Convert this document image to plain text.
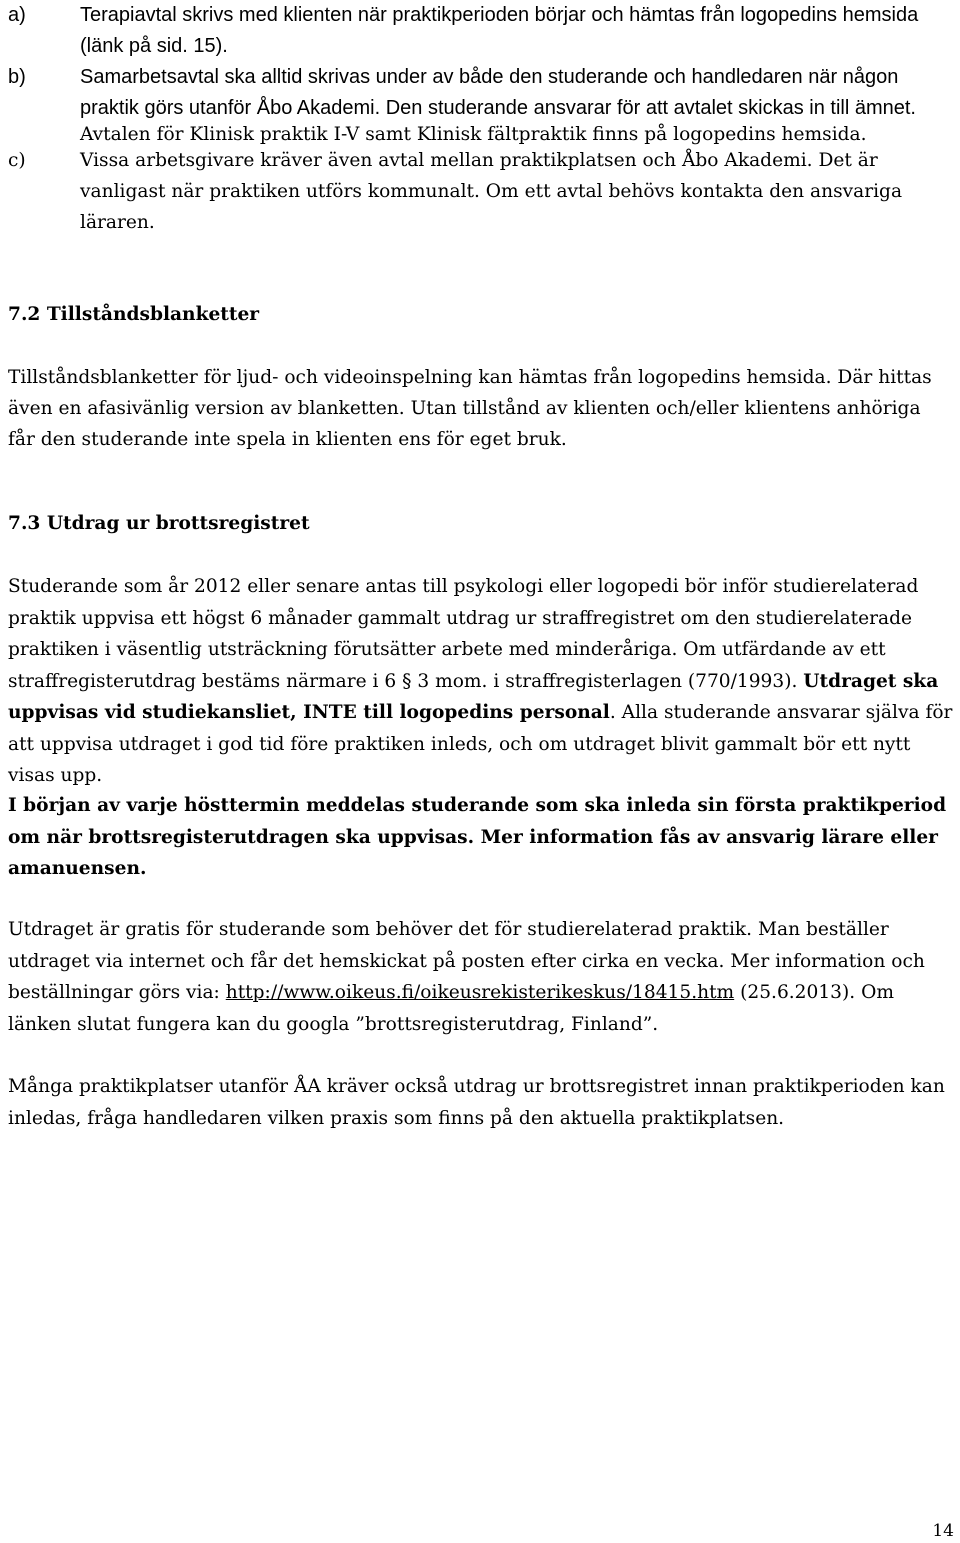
a)	Terapiavtal skrivs med klienten när praktikperioden börjar och hämtas från logopedins hemsida (länk på sid. 15).
b)	Samarbetsavtal ska alltid skrivas under av både den studerande och handledaren när någon praktik görs utanför Åbo Akademi. Den studerande ansvarar för att avtalet skickas in till ämnet. Avtalen för Klinisk praktik I-V samt Klinisk fältpraktik finns på logopedins hemsida.
c)	Vissa arbetsgivare kräver även avtal mellan praktikplatsen och Åbo Akademi. Det är vanligast när praktiken utförs kommunalt. Om ett avtal behövs kontakta den ansvariga läraren.
7.2 Tillståndsblanketter
Tillståndsblanketter för ljud- och videoinspelning kan hämtas från logopedins hemsida. Där hittas även en afasivänlig version av blanketten. Utan tillstånd av klienten och/eller klientens anhöriga får den studerande inte spela in klienten ens för eget bruk.
7.3 Utdrag ur brottsregistret
Studerande som år 2012 eller senare antas till psykologi eller logopedi bör inför studierelaterad praktik uppvisa ett högst 6 månader gammalt utdrag ur straffregistret om den studierelaterade praktiken i väsentlig utsträckning förutsätter arbete med minderåriga. Om utfärdande av ett straffregisterutdrag bestäms närmare i 6 § 3 mom. i straffregisterlagen (770/1993). Utdraget ska uppvisas vid studiekansliet, INTE till logopedins personal. Alla studerande ansvarar själva för att uppvisa utdraget i god tid före praktiken inleds, och om utdraget blivit gammalt bör ett nytt visas upp.
I början av varje hösttermin meddelas studerande som ska inleda sin första praktikperiod om när brottsregisterutdragen ska uppvisas. Mer information fås av ansvarig lärare eller amanuensen.
Utdraget är gratis för studerande som behöver det för studierelaterad praktik. Man beställer utdraget via internet och får det hemskickat på posten efter cirka en vecka. Mer information och beställningar görs via: http://www.oikeus.fi/oikeusrekisterikeskus/18415.htm (25.6.2013). Om länken slutat fungera kan du googla ”brottsregisterutdrag, Finland”.
Många praktikplatser utanför ÅA kräver också utdrag ur brottsregistret innan praktikperioden kan inledas, fråga handledaren vilken praxis som finns på den aktuella praktikplatsen.
14
